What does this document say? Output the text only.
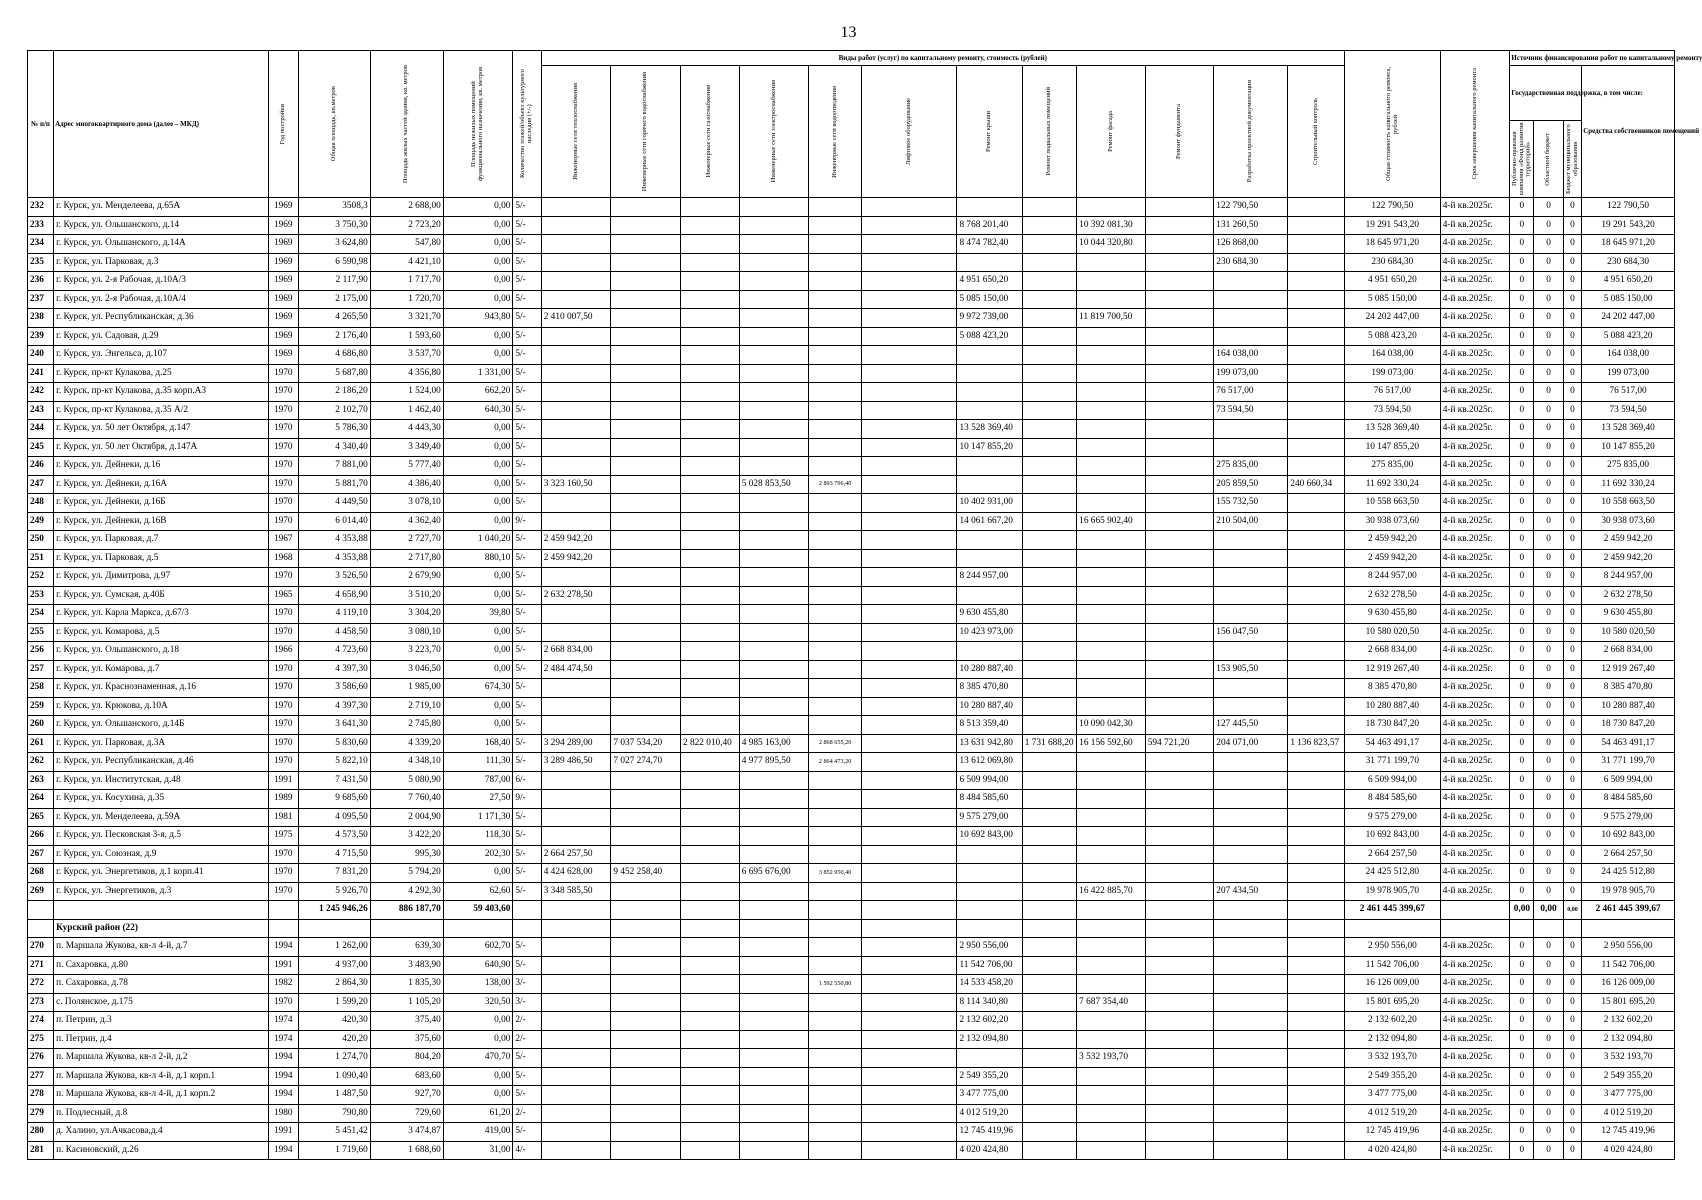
13
№ п/п	Адрес многоквартирного дома (далее – МКД)	Год постройки	Общая площадь, кв.метров	Площадь жилых частей здания, кв. метров	Площадь нежилых помещений функционального назначения, кв. метров	Количество этажей/объект культурного наследия (+/-)	Виды работ (услуг) по капитальному ремонту, стоимость (рублей)												Общая стоимость капитального ремонта, рублей	Срок завершения капитального ремонта	Источник финансирования работ по капитальному ремонту			

							Инженерные сети теплоснабжения	Инженерные сети горячего водоснабжения	Инженерные сети газоснабжения	Инженерные сети электроснабжения	Инженерные сети водоотведения	Лифтовое оборудование	Ремонт крыши	Ремонт подвальных помещений	Ремонт фасада	Ремонт фундамента	Разработка проектной документации	Строительный контроль			Государственная поддержка, в том числе:			Средства собственников помещений

																					Публично-правовая компания «Фонд развития территорий»	Областной бюджет	Бюджет муниципального образования	

232	г. Курск, ул. Менделеева, д.65А	1969	3508,3	2 688,00	0,00	5/-											122 790,50		122 790,50	4-й кв.2025г.	0	0	0	122 790,50
233	г. Курск, ул. Ольшанского, д.14	1969	3 750,30	2 723,20	0,00	5/-							8 768 201,40		10 392 081,30		131 260,50		19 291 543,20	4-й кв.2025г.	0	0	0	19 291 543,20
234	г. Курск, ул. Ольшанского, д.14А	1969	3 624,80	547,80	0,00	5/-							8 474 782,40		10 044 320,80		126 868,00		18 645 971,20	4-й кв.2025г.	0	0	0	18 645 971,20
235	г. Курск, ул. Парковая, д.3	1969	6 590,98	4 421,10	0,00	5/-											230 684,30		230 684,30	4-й кв.2025г.	0	0	0	230 684,30
236	г. Курск, ул. 2-я Рабочая, д.10А/3	1969	2 117,90	1 717,70	0,00	5/-							4 951 650,20						4 951 650,20	4-й кв.2025г.	0	0	0	4 951 650,20
237	г. Курск, ул. 2-я Рабочая, д.10А/4	1969	2 175,00	1 720,70	0,00	5/-							5 085 150,00						5 085 150,00	4-й кв.2025г.	0	0	0	5 085 150,00
238	г. Курск, ул. Республиканская, д.36	1969	4 265,50	3 321,70	943,80	5/-	2 410 007,50						9 972 739,00		11 819 700,50				24 202 447,00	4-й кв.2025г.	0	0	0	24 202 447,00
239	г. Курск, ул. Садовая, д.29	1969	2 176,40	1 593,60	0,00	5/-							5 088 423,20						5 088 423,20	4-й кв.2025г.	0	0	0	5 088 423,20
240	г. Курск, ул. Энгельса, д.107	1969	4 686,80	3 537,70	0,00	5/-											164 038,00		164 038,00	4-й кв.2025г.	0	0	0	164 038,00
241	г. Курск, пр-кт Кулакова, д.25	1970	5 687,80	4 356,80	1 331,00	5/-											199 073,00		199 073,00	4-й кв.2025г.	0	0	0	199 073,00
242	г. Курск, пр-кт Кулакова, д.35 корп.А3	1970	2 186,20	1 524,00	662,20	5/-											76 517,00		76 517,00	4-й кв.2025г.	0	0	0	76 517,00
243	г. Курск, пр-кт Кулакова, д.35 А/2	1970	2 102,70	1 462,40	640,30	5/-											73 594,50		73 594,50	4-й кв.2025г.	0	0	0	73 594,50
244	г. Курск, ул. 50 лет Октября, д.147	1970	5 786,30	4 443,30	0,00	5/-							13 528 369,40						13 528 369,40	4-й кв.2025г.	0	0	0	13 528 369,40
245	г. Курск, ул. 50 лет Октября, д.147А	1970	4 340,40	3 349,40	0,00	5/-							10 147 855,20						10 147 855,20	4-й кв.2025г.	0	0	0	10 147 855,20
246	г. Курск, ул. Дейнеки, д.16	1970	7 881,00	5 777,40	0,00	5/-											275 835,00		275 835,00	4-й кв.2025г.	0	0	0	275 835,00
247	г. Курск, ул. Дейнеки, д.16А	1970	5 881,70	4 386,40	0,00	5/-	3 323 160,50			5 028 853,50	2 893 796,40						205 859,50	240 660,34	11 692 330,24	4-й кв.2025г.	0	0	0	11 692 330,24
248	г. Курск, ул. Дейнеки, д.16Б	1970	4 449,50	3 078,10	0,00	5/-							10 402 931,00				155 732,50		10 558 663,50	4-й кв.2025г.	0	0	0	10 558 663,50
249	г. Курск, ул. Дейнеки, д.16В	1970	6 014,40	4 362,40	0,00	9/-							14 061 667,20		16 665 902,40		210 504,00		30 938 073,60	4-й кв.2025г.	0	0	0	30 938 073,60
250	г. Курск, ул. Парковая, д.7	1967	4 353,88	2 727,70	1 040,20	5/-	2 459 942,20												2 459 942,20	4-й кв.2025г.	0	0	0	2 459 942,20
251	г. Курск, ул. Парковая, д.5	1968	4 353,88	2 717,80	880,10	5/-	2 459 942,20												2 459 942,20	4-й кв.2025г.	0	0	0	2 459 942,20
252	г. Курск, ул. Димитрова, д.97	1970	3 526,50	2 679,90	0,00	5/-							8 244 957,00						8 244 957,00	4-й кв.2025г.	0	0	0	8 244 957,00
253	г. Курск, ул. Сумская, д.40Б	1965	4 658,90	3 510,20	0,00	5/-	2 632 278,50												2 632 278,50	4-й кв.2025г.	0	0	0	2 632 278,50
254	г. Курск, ул. Карла Маркса, д.67/3	1970	4 119,10	3 304,20	39,80	5/-							9 630 455,80						9 630 455,80	4-й кв.2025г.	0	0	0	9 630 455,80
255	г. Курск, ул. Комарова, д.5	1970	4 458,50	3 080,10	0,00	5/-							10 423 973,00				156 047,50		10 580 020,50	4-й кв.2025г.	0	0	0	10 580 020,50
256	г. Курск, ул. Ольшанского, д.18	1966	4 723,60	3 223,70	0,00	5/-	2 668 834,00												2 668 834,00	4-й кв.2025г.	0	0	0	2 668 834,00
257	г. Курск, ул. Комарова, д.7	1970	4 397,30	3 046,50	0,00	5/-	2 484 474,50						10 280 887,40				153 905,50		12 919 267,40	4-й кв.2025г.	0	0	0	12 919 267,40
258	г. Курск, ул. Краснознаменная, д.16	1970	3 586,60	1 985,00	674,30	5/-							8 385 470,80						8 385 470,80	4-й кв.2025г.	0	0	0	8 385 470,80
259	г. Курск, ул. Крюкова, д.10А	1970	4 397,30	2 719,10	0,00	5/-							10 280 887,40						10 280 887,40	4-й кв.2025г.	0	0	0	10 280 887,40
260	г. Курск, ул. Ольшанского, д.14Б	1970	3 641,30	2 745,80	0,00	5/-							8 513 359,40		10 090 042,30		127 445,50		18 730 847,20	4-й кв.2025г.	0	0	0	18 730 847,20
261	г. Курск, ул. Парковая, д.3А	1970	5 830,60	4 339,20	168,40	5/-	3 294 289,00	7 037 534,20	2 822 010,40	4 985 163,00	2 868 655,20		13 631 942,80	1 731 688,20	16 156 592,60	594 721,20	204 071,00	1 136 823,57	54 463 491,17	4-й кв.2025г.	0	0	0	54 463 491,17
262	г. Курск, ул. Республиканская, д.46	1970	5 822,10	4 348,10	111,30	5/-	3 289 486,50	7 027 274,70		4 977 895,50	2 864 473,20		13 612 069,80						31 771 199,70	4-й кв.2025г.	0	0	0	31 771 199,70
263	г. Курск, ул. Институтская, д.48	1991	7 431,50	5 080,90	787,00	6/-							6 509 994,00						6 509 994,00	4-й кв.2025г.	0	0	0	6 509 994,00
264	г. Курск, ул. Косухина, д.35	1989	9 685,60	7 760,40	27,50	9/-							8 484 585,60						8 484 585,60	4-й кв.2025г.	0	0	0	8 484 585,60
265	г. Курск, ул. Менделеева, д.59А	1981	4 095,50	2 004,90	1 171,30	5/-							9 575 279,00						9 575 279,00	4-й кв.2025г.	0	0	0	9 575 279,00
266	г. Курск, ул. Песковская 3-я, д.5	1975	4 573,50	3 422,20	118,30	5/-							10 692 843,00						10 692 843,00	4-й кв.2025г.	0	0	0	10 692 843,00
267	г. Курск, ул. Союзная, д.9	1970	4 715,50	995,30	202,30	5/-	2 664 257,50												2 664 257,50	4-й кв.2025г.	0	0	0	2 664 257,50
268	г. Курск, ул. Энергетиков, д.1 корп.41	1970	7 831,20	5 794,20	0,00	5/-	4 424 628,00	9 452 258,40		6 695 676,00	3 852 950,40								24 425 512,80	4-й кв.2025г.	0	0	0	24 425 512,80
269	г. Курск, ул. Энергетиков, д.3	1970	5 926,70	4 292,30	62,60	5/-	3 348 585,50								16 422 885,70		207 434,50		19 978 905,70	4-й кв.2025г.	0	0	0	19 978 905,70
			1 245 946,26	886 187,70	59 403,60														2 461 445 399,67		0,00	0,00	0,00	2 461 445 399,67
	Курский район (22)																							
270	п. Маршала Жукова, кв-л 4-й, д.7	1994	1 262,00	639,30	602,70	5/-							2 950 556,00						2 950 556,00	4-й кв.2025г.	0	0	0	2 950 556,00
271	п. Сахаровка, д.80	1991	4 937,00	3 483,90	640,90	5/-							11 542 706,00						11 542 706,00	4-й кв.2025г.	0	0	0	11 542 706,00
272	п. Сахаровка, д.78	1982	2 864,30	1 835,30	138,00	3/-					1 592 550,80		14 533 458,20						16 126 009,00	4-й кв.2025г.	0	0	0	16 126 009,00
273	с. Полянское, д.175	1970	1 599,20	1 105,20	320,50	3/-							8 114 340,80		7 687 354,40				15 801 695,20	4-й кв.2025г.	0	0	0	15 801 695,20
274	п. Петрин, д.3	1974	420,30	375,40	0,00	2/-							2 132 602,20						2 132 602,20	4-й кв.2025г.	0	0	0	2 132 602,20
275	п. Петрин, д.4	1974	420,20	375,60	0,00	2/-							2 132 094,80						2 132 094,80	4-й кв.2025г.	0	0	0	2 132 094,80
276	п. Маршала Жукова, кв-л 2-й, д.2	1994	1 274,70	804,20	470,70	5/-									3 532 193,70				3 532 193,70	4-й кв.2025г.	0	0	0	3 532 193,70
277	п. Маршала Жукова, кв-л 4-й, д.1 корп.1	1994	1 090,40	683,60	0,00	5/-							2 549 355,20						2 549 355,20	4-й кв.2025г.	0	0	0	2 549 355,20
278	п. Маршала Жукова, кв-л 4-й, д.1 корп.2	1994	1 487,50	927,70	0,00	5/-							3 477 775,00						3 477 775,00	4-й кв.2025г.	0	0	0	3 477 775,00
279	п. Подлесный, д.8	1980	790,80	729,60	61,20	2/-							4 012 519,20						4 012 519,20	4-й кв.2025г.	0	0	0	4 012 519,20
280	д. Халино, ул.Ачкасова,д.4	1991	5 451,42	3 474,87	419,00	5/-							12 745 419,96						12 745 419,96	4-й кв.2025г.	0	0	0	12 745 419,96
281	п. Касиновский, д.26	1994	1 719,60	1 688,60	31,00	4/-							4 020 424,80						4 020 424,80	4-й кв.2025г.	0	0	0	4 020 424,80
